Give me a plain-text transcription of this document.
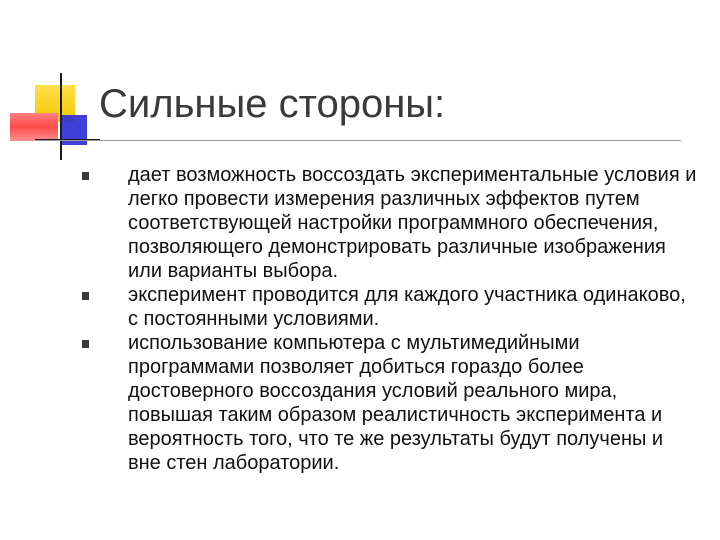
Сильные стороны:
дает возможность воссоздать экспериментальные условия и легко провести измерения различных эффектов путем соответствующей настройки программного обеспечения, позволяющего демонстрировать различные изображения или варианты выбора.
эксперимент проводится для каждого участника одинаково, с постоянными условиями.
использование компьютера с мультимедийными программами позволяет добиться гораздо более достоверного воссоздания условий реального мира, повышая таким образом реалистичность эксперимента и вероятность того, что те же результаты будут получены и вне стен лаборатории.
